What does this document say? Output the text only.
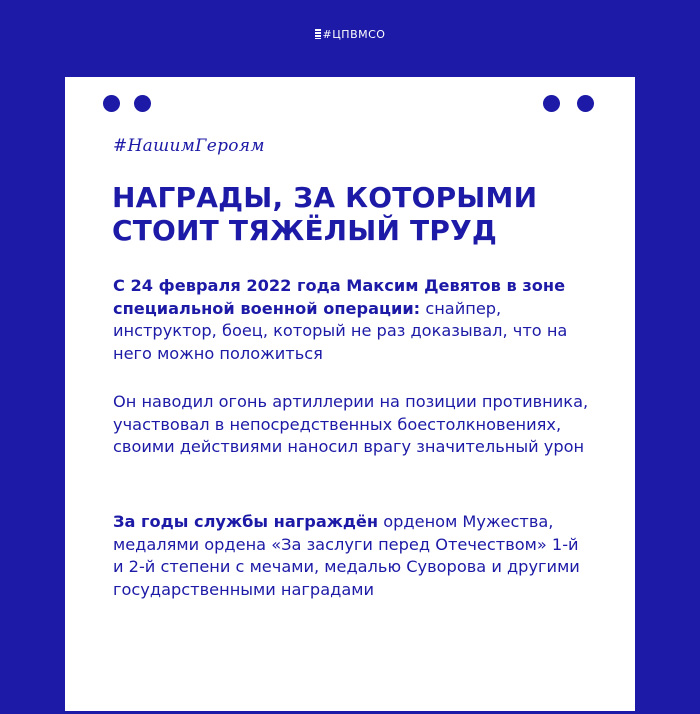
#ЦПВМСО
#НашимГероям
НАГРАДЫ, ЗА КОТОРЫМИ СТОИТ ТЯЖЁЛЫЙ ТРУД

С 24 февраля 2022 года Максим Девятов в зоне специальной военной операции: снайпер, инструктор, боец, который не раз доказывал, что на него можно положиться

Он наводил огонь артиллерии на позиции противника, участвовал в непосредственных боестолкновениях, своими действиями наносил врагу значительный урон

За годы службы награждён орденом Мужества, медалями ордена «За заслуги перед Отечеством» 1-й и 2-й степени с мечами, медалью Суворова и другими государственными наградами
